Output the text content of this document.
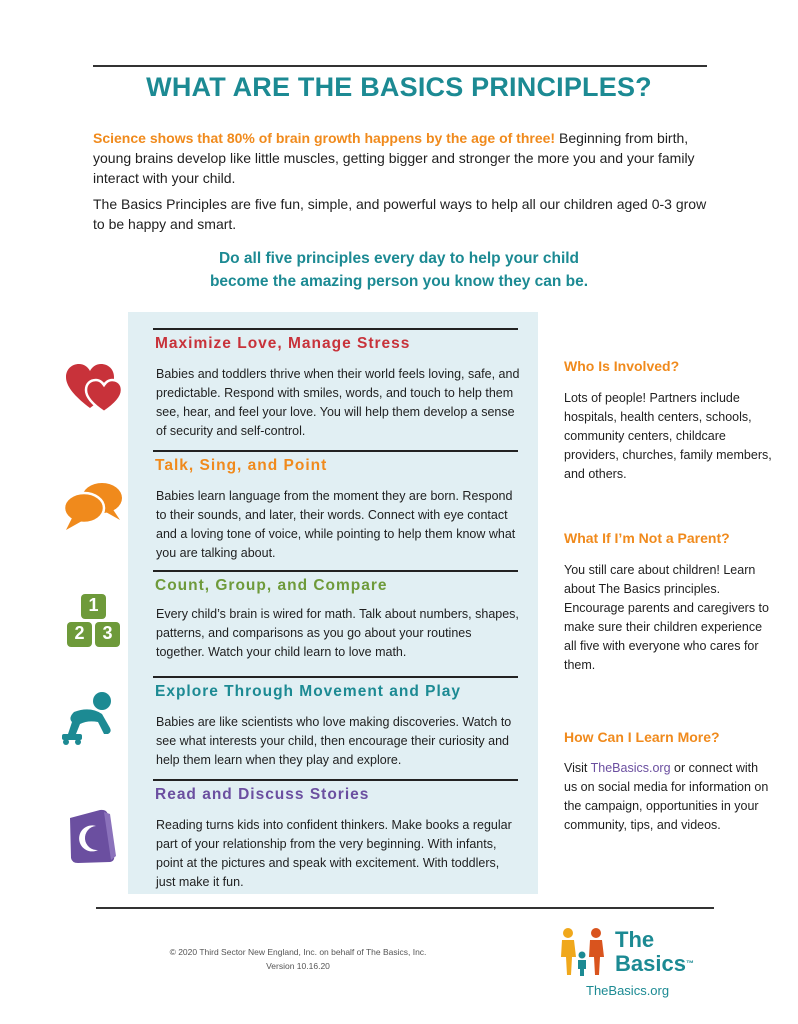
WHAT ARE THE BASICS PRINCIPLES?
Science shows that 80% of brain growth happens by the age of three! Beginning from birth, young brains develop like little muscles, getting bigger and stronger the more you and your family interact with your child.
The Basics Principles are five fun, simple, and powerful ways to help all our children aged 0-3 grow to be happy and smart.
Do all five principles every day to help your child
become the amazing person you know they can be.
Maximize Love, Manage Stress
Babies and toddlers thrive when their world feels loving, safe, and predictable. Respond with smiles, words, and touch to help them see, hear, and feel your love. You will help them develop a sense of security and self-control.
Talk, Sing, and Point
Babies learn language from the moment they are born. Respond to their sounds, and later, their words. Connect with eye contact and a loving tone of voice, while pointing to help them know what you are talking about.
Count, Group, and Compare
Every child’s brain is wired for math. Talk about numbers, shapes, patterns, and comparisons as you go about your routines together. Watch your child learn to love math.
Explore Through Movement and Play
Babies are like scientists who love making discoveries. Watch to see what interests your child, then encourage their curiosity and help them learn when they play and explore.
Read and Discuss Stories
Reading turns kids into confident thinkers. Make books a regular part of your relationship from the very beginning. With infants, point at the pictures and speak with excitement. With toddlers, just make it fun.
1
2 3
Who Is Involved?
Lots of people! Partners include hospitals, health centers, schools, community centers, childcare providers, churches, family members, and others.
What If I’m Not a Parent?
You still care about children! Learn about The Basics principles. Encourage parents and caregivers to make sure their children experience all five with everyone who cares for them.
How Can I Learn More?
Visit TheBasics.org or connect with us on social media for information on the campaign, opportunities in your community, tips, and videos.
© 2020 Third Sector New England, Inc. on behalf of The Basics, Inc.
Version 10.16.20
The
Basics™
TheBasics.org
